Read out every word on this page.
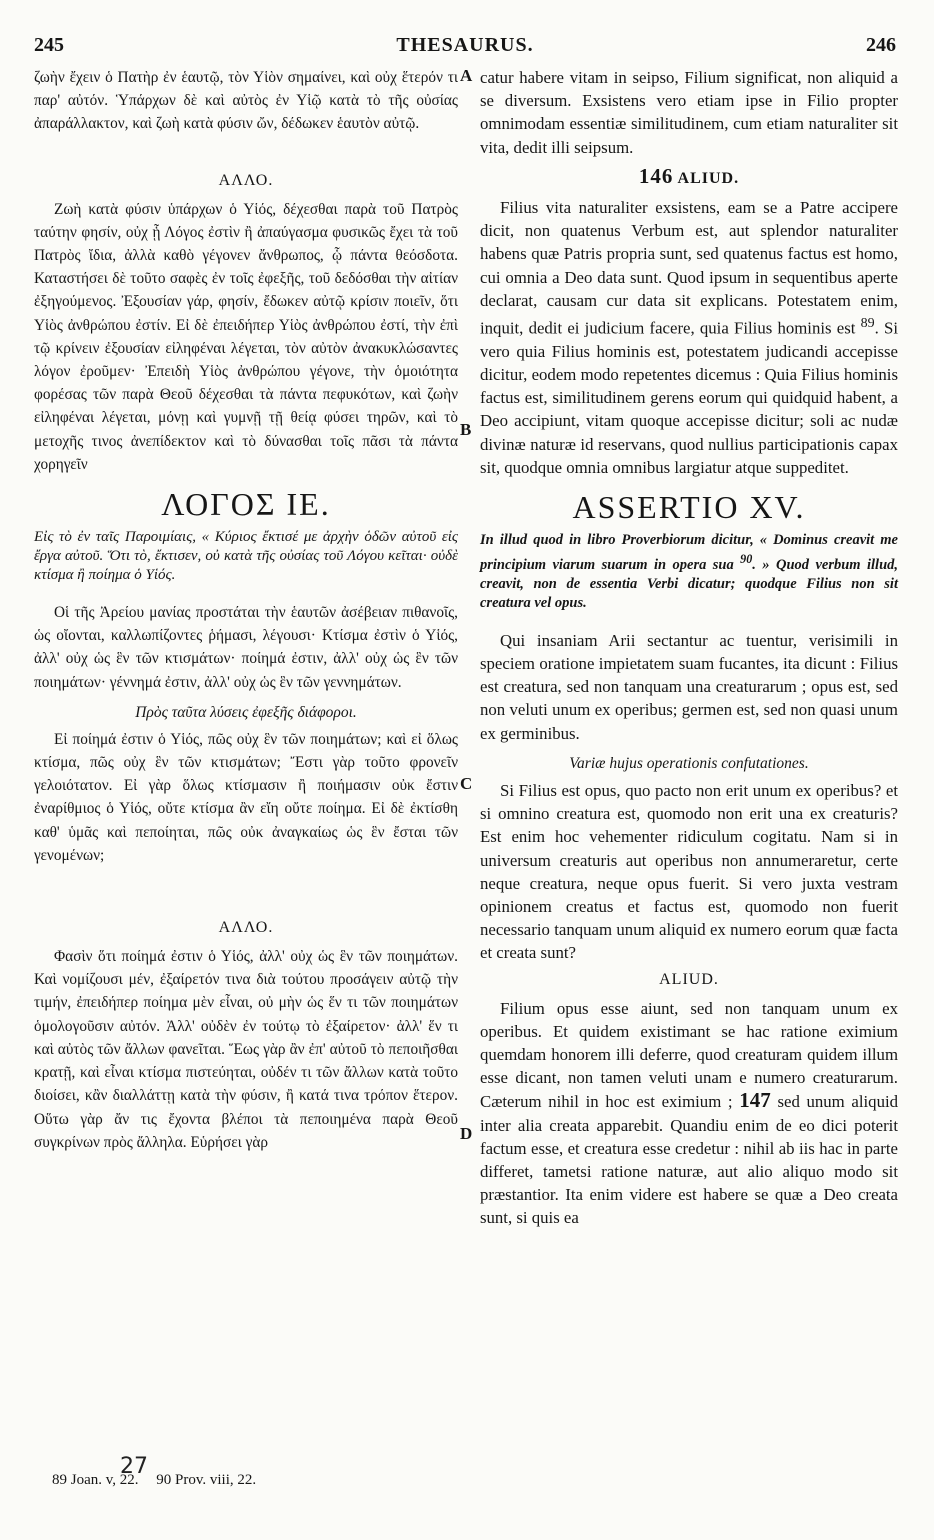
245	THESAURUS.	246
A
B
C
D

ζωὴν ἔχειν ὁ Πατὴρ ἐν ἑαυτῷ, τὸν Υἱὸν σημαίνει, καὶ οὐχ ἕτερόν τι παρ' αὐτόν. Ὑπάρχων δὲ καὶ αὐτὸς ἐν Υἱῷ κατὰ τὸ τῆς οὐσίας ἀπαράλλακτον, καὶ ζωὴ κατὰ φύσιν ὤν, δέδωκεν ἑαυτὸν αὐτῷ.

ΑΛΛΟ.

Ζωὴ κατὰ φύσιν ὑπάρχων ὁ Υἱός, δέχεσθαι παρὰ τοῦ Πατρὸς ταύτην φησίν, οὐχ ᾗ Λόγος ἐστὶν ἢ ἀπαύγασμα φυσικῶς ἔχει τὰ τοῦ Πατρὸς ἴδια, ἀλλὰ καθὸ γέγονεν ἄνθρωπος, ᾧ πάντα θεόσδοτα. Καταστήσει δὲ τοῦτο σαφὲς ἐν τοῖς ἐφεξῆς, τοῦ δεδόσθαι τὴν αἰτίαν ἐξηγούμενος. Ἐξουσίαν γάρ, φησίν, ἔδωκεν αὐτῷ κρίσιν ποιεῖν, ὅτι Υἱὸς ἀνθρώπου ἐστίν. Εἰ δὲ ἐπειδήπερ Υἱὸς ἀνθρώπου ἐστί, τὴν ἐπὶ τῷ κρίνειν ἐξουσίαν εἰληφέναι λέγεται, τὸν αὐτὸν ἀνακυκλώσαντες λόγον ἐροῦμεν· Ἐπειδὴ Υἱὸς ἀνθρώπου γέγονε, τὴν ὁμοιότητα φορέσας τῶν παρὰ Θεοῦ δέχεσθαι τὰ πάντα πεφυκότων, καὶ ζωὴν εἰληφέναι λέγεται, μόνῃ καὶ γυμνῇ τῇ θείᾳ φύσει τηρῶν, καὶ τὸ μετοχῆς τινος ἀνεπίδεκτον καὶ τὸ δύνασθαι τοῖς πᾶσι τὰ πάντα χορηγεῖν

ΛΟΓΟΣ ΙΕ.

Εἰς τὸ ἐν ταῖς Παροιμίαις, « Κύριος ἔκτισέ με ἀρχὴν ὁδῶν αὐτοῦ εἰς ἔργα αὐτοῦ. Ὅτι τὸ, ἔκτισεν, οὐ κατὰ τῆς οὐσίας τοῦ Λόγου κεῖται· οὐδὲ κτίσμα ἢ ποίημα ὁ Υἱός.

Οἱ τῆς Ἀρείου μανίας προστάται τὴν ἑαυτῶν ἀσέβειαν πιθανοῖς, ὡς οἴονται, καλλωπίζοντες ῥήμασι, λέγουσι· Κτίσμα ἐστὶν ὁ Υἱός, ἀλλ' οὐχ ὡς ἓν τῶν κτισμάτων· ποίημά ἐστιν, ἀλλ' οὐχ ὡς ἓν τῶν ποιημάτων· γέννημά ἐστιν, ἀλλ' οὐχ ὡς ἓν τῶν γεννημάτων.

Πρὸς ταῦτα λύσεις ἐφεξῆς διάφοροι.

Εἰ ποίημά ἐστιν ὁ Υἱός, πῶς οὐχ ἓν τῶν ποιημάτων; καὶ εἰ ὅλως κτίσμα, πῶς οὐχ ἓν τῶν κτισμάτων; Ἔστι γὰρ τοῦτο φρονεῖν γελοιότατον. Εἰ γὰρ ὅλως κτίσμασιν ἢ ποιήμασιν οὐκ ἔστιν ἐναρίθμιος ὁ Υἱός, οὔτε κτίσμα ἂν εἴη οὔτε ποίημα. Εἰ δὲ ἐκτίσθη καθ' ὑμᾶς καὶ πεποίηται, πῶς οὐκ ἀναγκαίως ὡς ἓν ἔσται τῶν γενομένων;

ΑΛΛΟ.

Φασὶν ὅτι ποίημά ἐστιν ὁ Υἱός, ἀλλ' οὐχ ὡς ἓν τῶν ποιημάτων. Καὶ νομίζουσι μέν, ἐξαίρετόν τινα διὰ τούτου προσάγειν αὐτῷ τὴν τιμήν, ἐπειδήπερ ποίημα μὲν εἶναι, οὐ μὴν ὡς ἕν τι τῶν ποιημάτων ὁμολογοῦσιν αὐτόν. Ἀλλ' οὐδὲν ἐν τούτῳ τὸ ἐξαίρετον· ἀλλ' ἕν τι καὶ αὐτὸς τῶν ἄλλων φανεῖται. Ἕως γὰρ ἂν ἐπ' αὐτοῦ τὸ πεποιῆσθαι κρατῇ, καὶ εἶναι κτίσμα πιστεύηται, οὐδέν τι τῶν ἄλλων κατὰ τοῦτο διοίσει, κἂν διαλλάττῃ κατὰ τὴν φύσιν, ἢ κατά τινα τρόπον ἕτερον. Οὕτω γὰρ ἄν τις ἔχοντα βλέποι τὰ πεποιημένα παρὰ Θεοῦ συγκρίνων πρὸς ἄλληλα. Εὑρήσει γὰρ

catur habere vitam in seipso, Filium significat, non aliquid a se diversum. Exsistens vero etiam ipse in Filio propter omnimodam essentiæ similitudinem, cum etiam naturaliter sit vita, dedit illi seipsum.

146 ALIUD.

Filius vita naturaliter exsistens, eam se a Patre accipere dicit, non quatenus Verbum est, aut splendor naturaliter habens quæ Patris propria sunt, sed quatenus factus est homo, cui omnia a Deo data sunt. Quod ipsum in sequentibus aperte declarat, causam cur data sit explicans. Potestatem enim, inquit, dedit ei judicium facere, quia Filius hominis est $^{89}$. Si vero quia Filius hominis est, potestatem judicandi accepisse dicitur, eodem modo repetentes dicemus : Quia Filius hominis factus est, similitudinem gerens eorum qui quidquid habent, a Deo accipiunt, vitam quoque accepisse dicitur; soli ac nudæ divinæ naturæ id reservans, quod nullius participationis capax sit, quodque omnia omnibus largiatur atque suppeditet.

ASSERTIO XV.

In illud quod in libro Proverbiorum dicitur, « Dominus creavit me principium viarum suarum in opera sua $^{90}$. » Quod verbum illud, creavit, non de essentia Verbi dicatur; quodque Filius non sit creatura vel opus.

Qui insaniam Arii sectantur ac tuentur, verisimili in speciem oratione impietatem suam fucantes, ita dicunt : Filius est creatura, sed non tanquam una creaturarum ; opus est, sed non veluti unum ex operibus; germen est, sed non quasi unum ex germinibus.

Variæ hujus operationis confutationes.

Si Filius est opus, quo pacto non erit unum ex operibus? et si omnino creatura est, quomodo non erit una ex creaturis? Est enim hoc vehementer ridiculum cogitatu. Nam si in universum creaturis aut operibus non annumeraretur, certe neque creatura, neque opus fuerit. Si vero juxta vestram opinionem creatus et factus est, quomodo non fuerit necessario tanquam unum aliquid ex numero eorum quæ facta et creata sunt?

ALIUD.

Filium opus esse aiunt, sed non tanquam unum ex operibus. Et quidem existimant se hac ratione eximium quemdam honorem illi deferre, quod creaturam quidem illum esse dicant, non tamen veluti unam e numero creaturarum. Cæterum nihil in hoc est eximium ; 147 sed unum aliquid inter alia creata apparebit. Quandiu enim de eo dici poterit factum esse, et creatura esse credetur : nihil ab iis hac in parte differet, tametsi ratione naturæ, aut alio aliquo modo sit præstantior. Ita enim videre est habere se quæ a Deo creata sunt, si quis ea

27
89 Joan. v, 22. 90 Prov. viii, 22.
